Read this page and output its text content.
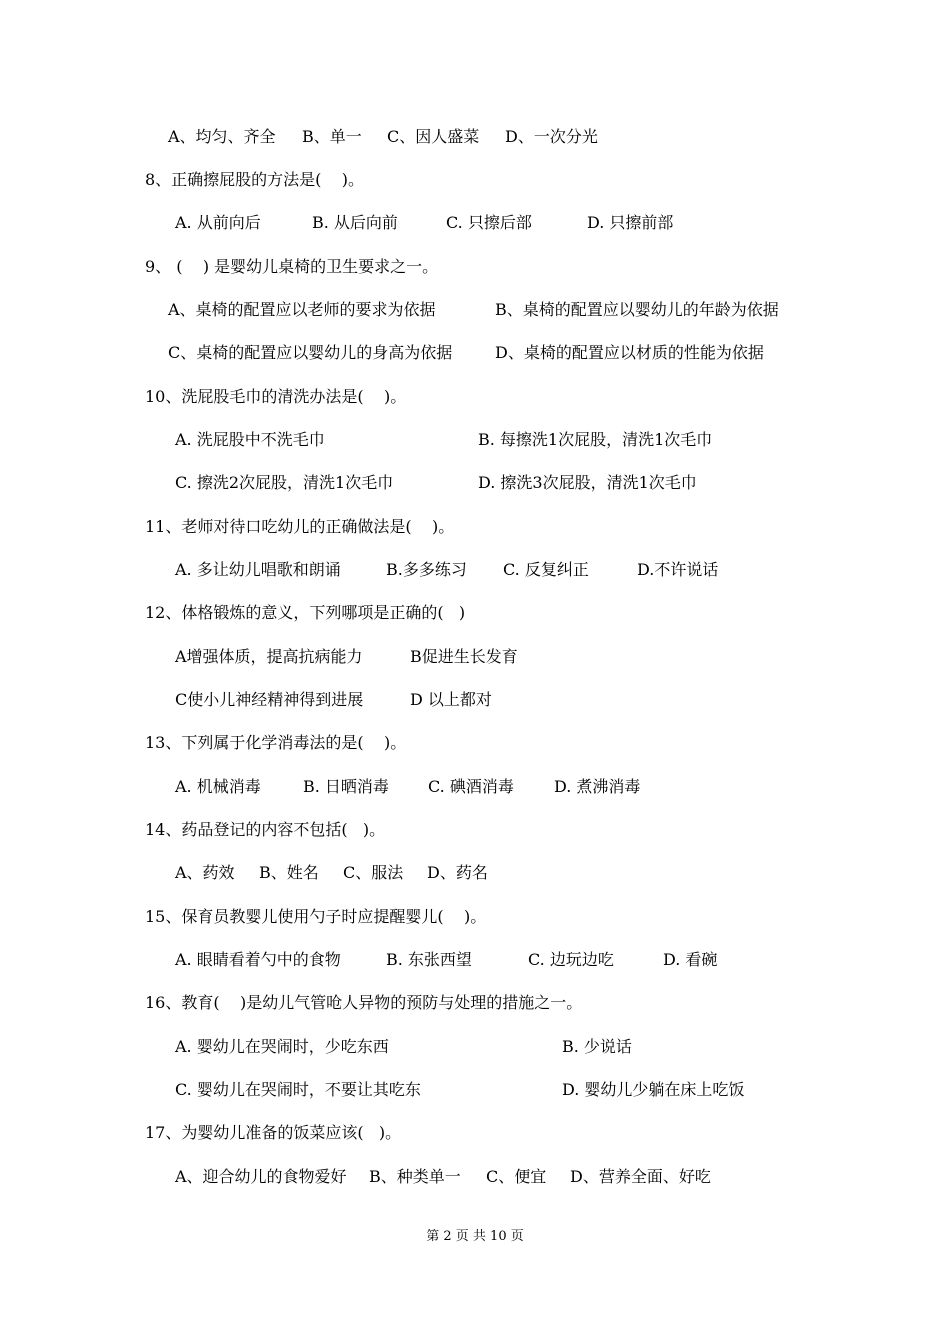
A、均匀、齐全 B、单一 C、因人盛菜 D、一次分光
8、正确擦屁股的方法是(    )。
A. 从前向后	B. 从后向前	C. 只擦后部	D. 只擦前部
9、 (    ) 是婴幼儿桌椅的卫生要求之一。
A、桌椅的配置应以老师的要求为依据	B、桌椅的配置应以婴幼儿的年龄为依据
C、桌椅的配置应以婴幼儿的身高为依据	D、桌椅的配置应以材质的性能为依据
10、洗屁股毛巾的清洗办法是(    )。
A. 洗屁股中不洗毛巾	B. 每擦洗1次屁股，清洗1次毛巾
C. 擦洗2次屁股，清洗1次毛巾	D. 擦洗3次屁股，清洗1次毛巾
11、老师对待口吃幼儿的正确做法是(    )。
A. 多让幼儿唱歌和朗诵	B.多多练习 C. 反复纠正	D.不许说话
12、体格锻炼的意义，下列哪项是正确的(   )
A增强体质，提高抗病能力	B促进生长发育
C使小儿神经精神得到进展	D 以上都对
13、下列属于化学消毒法的是(    )。
A. 机械消毒	B. 日晒消毒 C. 碘酒消毒	D. 煮沸消毒
14、药品登记的内容不包括(   )。
A、药效 B、姓名 C、服法 D、药名
15、保育员教婴儿使用勺子时应提醒婴儿(    )。
A. 眼睛看着勺中的食物	B. 东张西望	C. 边玩边吃	D. 看碗
16、教育(    )是幼儿气管呛人异物的预防与处理的措施之一。
A. 婴幼儿在哭闹时，少吃东西	B. 少说话
C. 婴幼儿在哭闹时，不要让其吃东	D. 婴幼儿少躺在床上吃饭
17、为婴幼儿准备的饭菜应该(   )。
A、迎合幼儿的食物爱好 B、种类单一 C、便宜 D、营养全面、好吃
第 2 页 共 10 页
